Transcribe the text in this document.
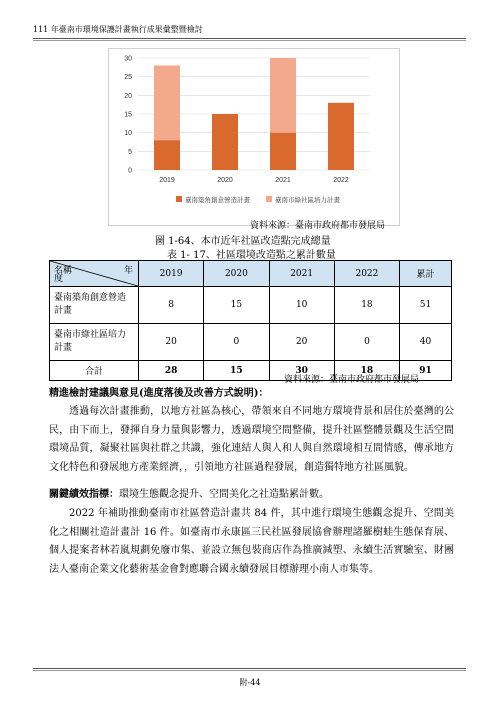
111 年臺南市環境保護計畫執行成果彙整暨檢討
0
5
10
15
20
25
30
2019	2020	2021	2022
臺南築角創意營造計畫	臺南市綠社區培力計畫
資料來源：臺南市政府都市發展局
圖 1-64、本市近年社區改造點完成總量
表 1- 17、社區環境改造點之累計數量
年
名稱
度	2019	2020	2021	2022	累計
臺南築角創意營造計畫	8	15	10	18	51
臺南市綠社區培力計畫	20	0	20	0	40
合計	28	15	30	18	91
資料來源：臺南市政府都市發展局
精進檢討建議與意見(進度落後及改善方式說明)：
透過每次計畫推動，以地方社區為核心，帶領來自不同地方環境背景和居住於臺灣的公民，由下而上，發揮自身力量與影響力，透過環境空間整備，提升社區整體景觀及生活空間環境品質，凝聚社區與社群之共識，強化連結人與人和人與自然環境相互間情感，傳承地方文化特色和發展地方產業經濟，，引領地方社區過程發展，創造獨特地方社區風貌。
關鍵績效指標：環境生態觀念提升、空間美化之社造點累計數。
2022 年補助推動臺南市社區營造計畫共 84 件，其中進行環境生態觀念提升、空間美化之相關社造計畫計 16 件。如臺南市永康區三民社區發展協會辦理諸羅樹蛙生態保育展、個人提案者林若嵐規劃免廢市集、並設立無包裝商店作為推廣減塑、永續生活實驗室、財團法人臺南企業文化藝術基金會對應聯合國永續發展目標辦理小南人市集等。
附-44
